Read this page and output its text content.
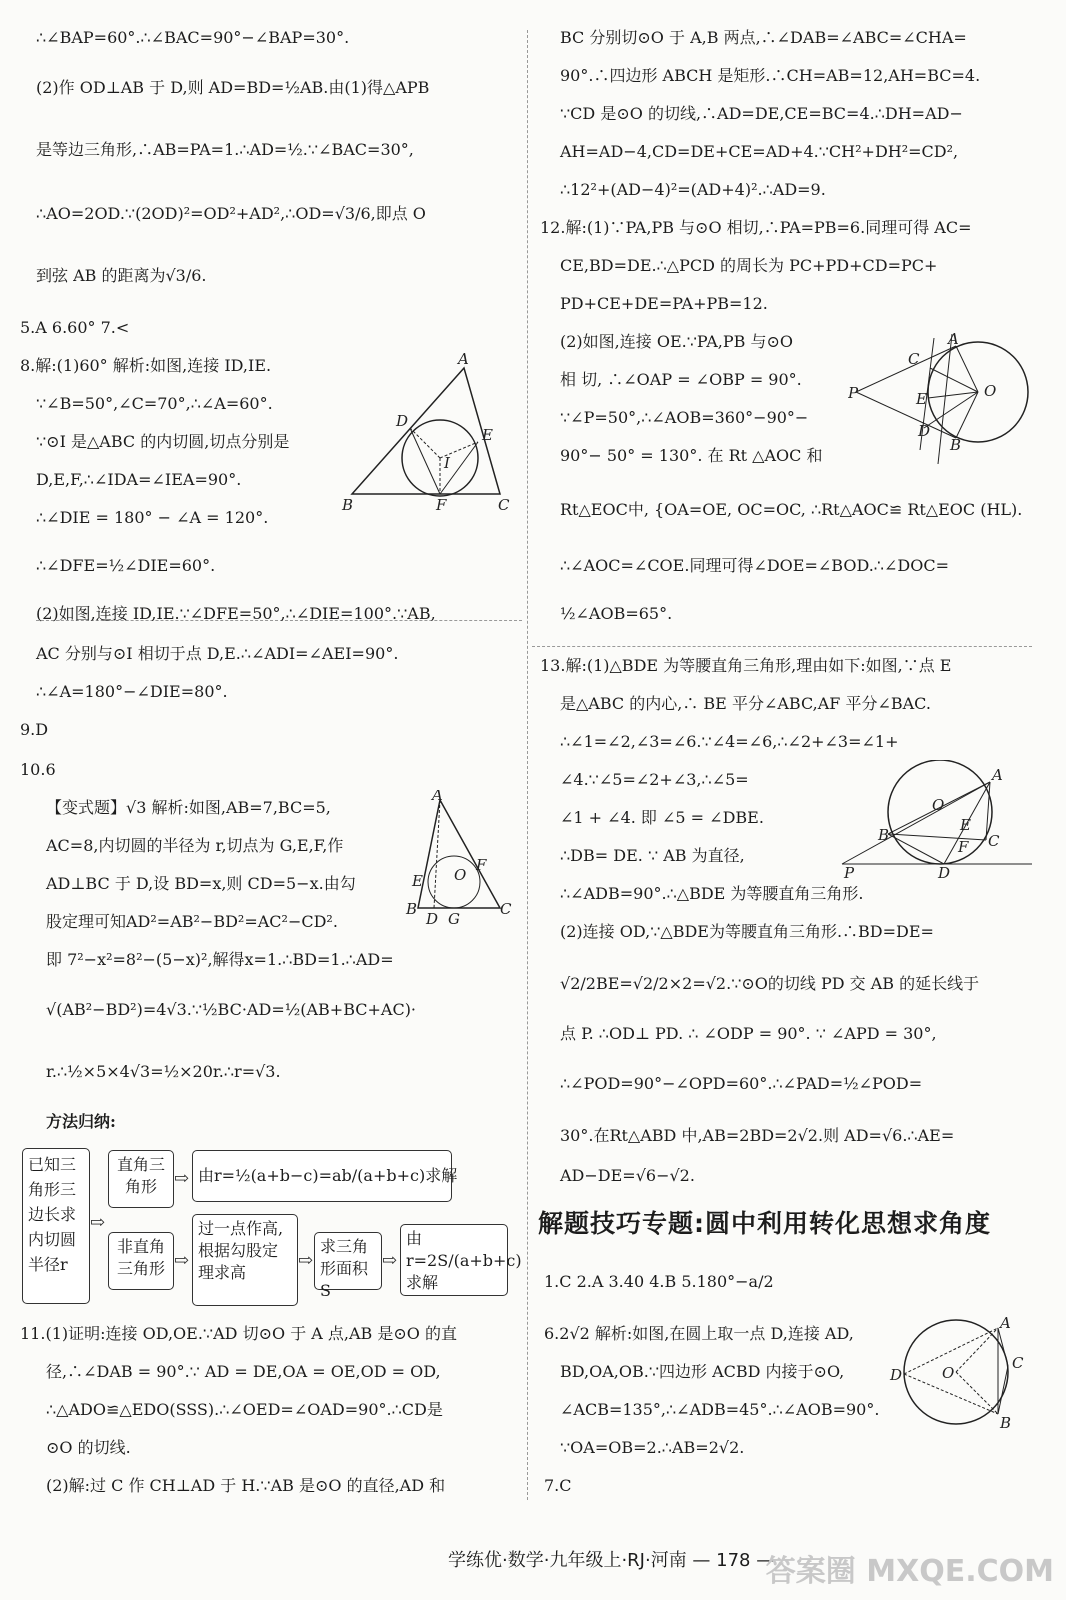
∴∠BAP=60°.∴∠BAC=90°−∠BAP=30°.
(2)作 OD⊥AB 于 D,则 AD=BD=½AB.由(1)得△APB
是等边三角形,∴AB=PA=1.∴AD=½.∵∠BAC=30°,
∴AO=2OD.∵(2OD)²=OD²+AD²,∴OD=√3/6,即点 O
到弦 AB 的距离为√3/6.
5.A 6.60° 7.<
8.解:(1)60° 解析:如图,连接 ID,IE.
∵∠B=50°,∠C=70°,∴∠A=60°.
∵⊙I 是△ABC 的内切圆,切点分别是
D,E,F,∴∠IDA=∠IEA=90°.
∴∠DIE = 180° − ∠A = 120°.
∴∠DFE=½∠DIE=60°.
(2)如图,连接 ID,IE.∵∠DFE=50°,∴∠DIE=100°.∵AB,
AC 分别与⊙I 相切于点 D,E.∴∠ADI=∠AEI=90°.
∴∠A=180°−∠DIE=80°.
9.D
10.6
【变式题】√3 解析:如图,AB=7,BC=5,
AC=8,内切圆的半径为 r,切点为 G,E,F,作
AD⊥BC 于 D,设 BD=x,则 CD=5−x.由勾
股定理可知AD²=AB²−BD²=AC²−CD².
即 7²−x²=8²−(5−x)²,解得x=1.∴BD=1.∴AD=
√(AB²−BD²)=4√3.∵½BC·AD=½(AB+BC+AC)·
r.∴½×5×4√3=½×20r.∴r=√3.
方法归纳:
11.(1)证明:连接 OD,OE.∵AD 切⊙O 于 A 点,AB 是⊙O 的直
径,∴∠DAB = 90°.∵ AD = DE,OA = OE,OD = OD,
∴△ADO≌△EDO(SSS).∴∠OED=∠OAD=90°.∴CD是
⊙O 的切线.
(2)解:过 C 作 CH⊥AD 于 H.∵AB 是⊙O 的直径,AD 和
A
B	C
D
E
F
I
A
B	C
D G
E
F
O
已知三角形三边长求内切圆半径r
⇨
直角三角形 ⇨ 由r=½(a+b−c)=ab/(a+b+c)求解
非直角三角形 ⇨
过一点作高,根据勾股定理求高
⇨
求三角形面积S
⇨
由r=2S/(a+b+c)求解
BC 分别切⊙O 于 A,B 两点,∴∠DAB=∠ABC=∠CHA=
90°.∴四边形 ABCH 是矩形.∴CH=AB=12,AH=BC=4.
∵CD 是⊙O 的切线,∴AD=DE,CE=BC=4.∴DH=AD−
AH=AD−4,CD=DE+CE=AD+4.∵CH²+DH²=CD²,
∴12²+(AD−4)²=(AD+4)².∴AD=9.
12.解:(1)∵PA,PB 与⊙O 相切,∴PA=PB=6.同理可得 AC=
CE,BD=DE.∴△PCD 的周长为 PC+PD+CD=PC+
PD+CE+DE=PA+PB=12.
(2)如图,连接 OE.∵PA,PB 与⊙O
相 切, ∴∠OAP = ∠OBP = 90°.
∵∠P=50°,∴∠AOB=360°−90°−
90°− 50° = 130°. 在 Rt △AOC 和
Rt△EOC中, {OA=OE, OC=OC, ∴Rt△AOC≌ Rt△EOC (HL).
∴∠AOC=∠COE.同理可得∠DOE=∠BOD.∴∠DOC=
½∠AOB=65°.
13.解:(1)△BDE 为等腰直角三角形,理由如下:如图,∵点 E
是△ABC 的内心,∴ BE 平分∠ABC,AF 平分∠BAC.
∴∠1=∠2,∠3=∠6.∵∠4=∠6,∴∠2+∠3=∠1+
∠4.∵∠5=∠2+∠3,∴∠5=
∠1 + ∠4. 即 ∠5 = ∠DBE.
∴DB= DE. ∵ AB 为直径,
∴∠ADB=90°.∴△BDE 为等腰直角三角形.
(2)连接 OD,∵△BDE为等腰直角三角形.∴BD=DE=
√2/2BE=√2/2×2=√2.∵⊙O的切线 PD 交 AB 的延长线于
点 P. ∴OD⊥ PD. ∴ ∠ODP = 90°. ∵ ∠APD = 30°,
∴∠POD=90°−∠OPD=60°.∴∠PAD=½∠POD=
30°.在Rt△ABD 中,AB=2BD=2√2.则 AD=√6.∴AE=
AD−DE=√6−√2.
1.C 2.A 3.40 4.B 5.180°−a/2
6.2√2 解析:如图,在圆上取一点 D,连接 AD,
BD,OA,OB.∵四边形 ACBD 内接于⊙O,
∠ACB=135°,∴∠ADB=45°.∴∠AOB=90°.
∵OA=OB=2.∴AB=2√2.
7.C
解题技巧专题:圆中利用转化思想求角度
P
A
B
O
C
E
D
A
B	C
D
P
E
F
O
A
B
C
D	O
学练优·数学·九年级上·RJ·河南 — 178 —
答案圈 MXQE.COM
